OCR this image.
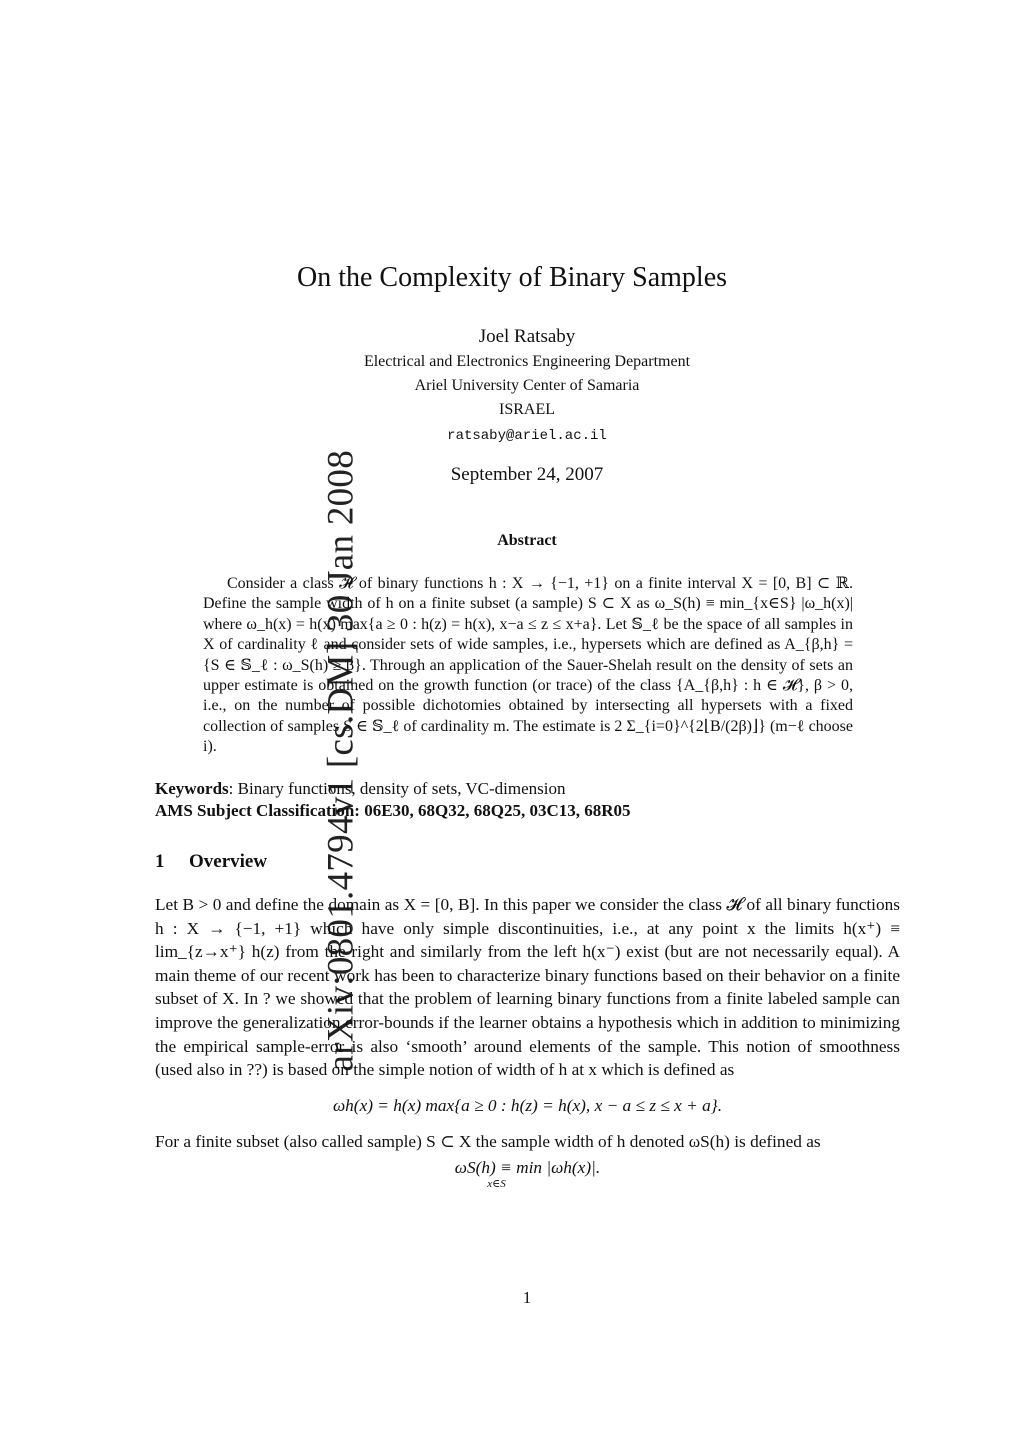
arXiv:0801.4794v1 [cs.DM] 30 Jan 2008
On the Complexity of Binary Samples
Joel Ratsaby
Electrical and Electronics Engineering Department
Ariel University Center of Samaria
ISRAEL
ratsaby@ariel.ac.il
September 24, 2007
Abstract

Consider a class 𝓗 of binary functions h : X → {−1, +1} on a finite interval X = [0, B] ⊂ ℝ. Define the sample width of h on a finite subset (a sample) S ⊂ X as ω_S(h) ≡ min_{x∈S} |ω_h(x)| where ω_h(x) = h(x) max{a ≥ 0 : h(z) = h(x), x−a ≤ z ≤ x+a}. Let 𝕊_ℓ be the space of all samples in X of cardinality ℓ and consider sets of wide samples, i.e., hypersets which are defined as A_{β,h} = {S ∈ 𝕊_ℓ : ω_S(h) ≥ β}. Through an application of the Sauer-Shelah result on the density of sets an upper estimate is obtained on the growth function (or trace) of the class {A_{β,h} : h ∈ 𝓗}, β > 0, i.e., on the number of possible dichotomies obtained by intersecting all hypersets with a fixed collection of samples S ∈ 𝕊_ℓ of cardinality m. The estimate is 2 Σ_{i=0}^{2⌊B/(2β)⌋} (m−ℓ choose i).

Keywords: Binary functions, density of sets, VC-dimension
AMS Subject Classification: 06E30, 68Q32, 68Q25, 03C13, 68R05
1 Overview

Let B > 0 and define the domain as X = [0, B]. In this paper we consider the class 𝓗 of all binary functions h : X → {−1, +1} which have only simple discontinuities, i.e., at any point x the limits h(x⁺) ≡ lim_{z→x⁺} h(z) from the right and similarly from the left h(x⁻) exist (but are not necessarily equal). A main theme of our recent work has been to characterize binary functions based on their behavior on a finite subset of X. In ? we showed that the problem of learning binary functions from a finite labeled sample can improve the generalization error-bounds if the learner obtains a hypothesis which in addition to minimizing the empirical sample-error is also ‘smooth’ around elements of the sample. This notion of smoothness (used also in ??) is based on the simple notion of width of h at x which is defined as

ωh(x) = h(x) max{a ≥ 0 : h(z) = h(x), x − a ≤ z ≤ x + a}.

For a finite subset (also called sample) S ⊂ X the sample width of h denoted ωS(h) is defined as

ωS(h) ≡ min |ωh(x)|.
x∈S
1
